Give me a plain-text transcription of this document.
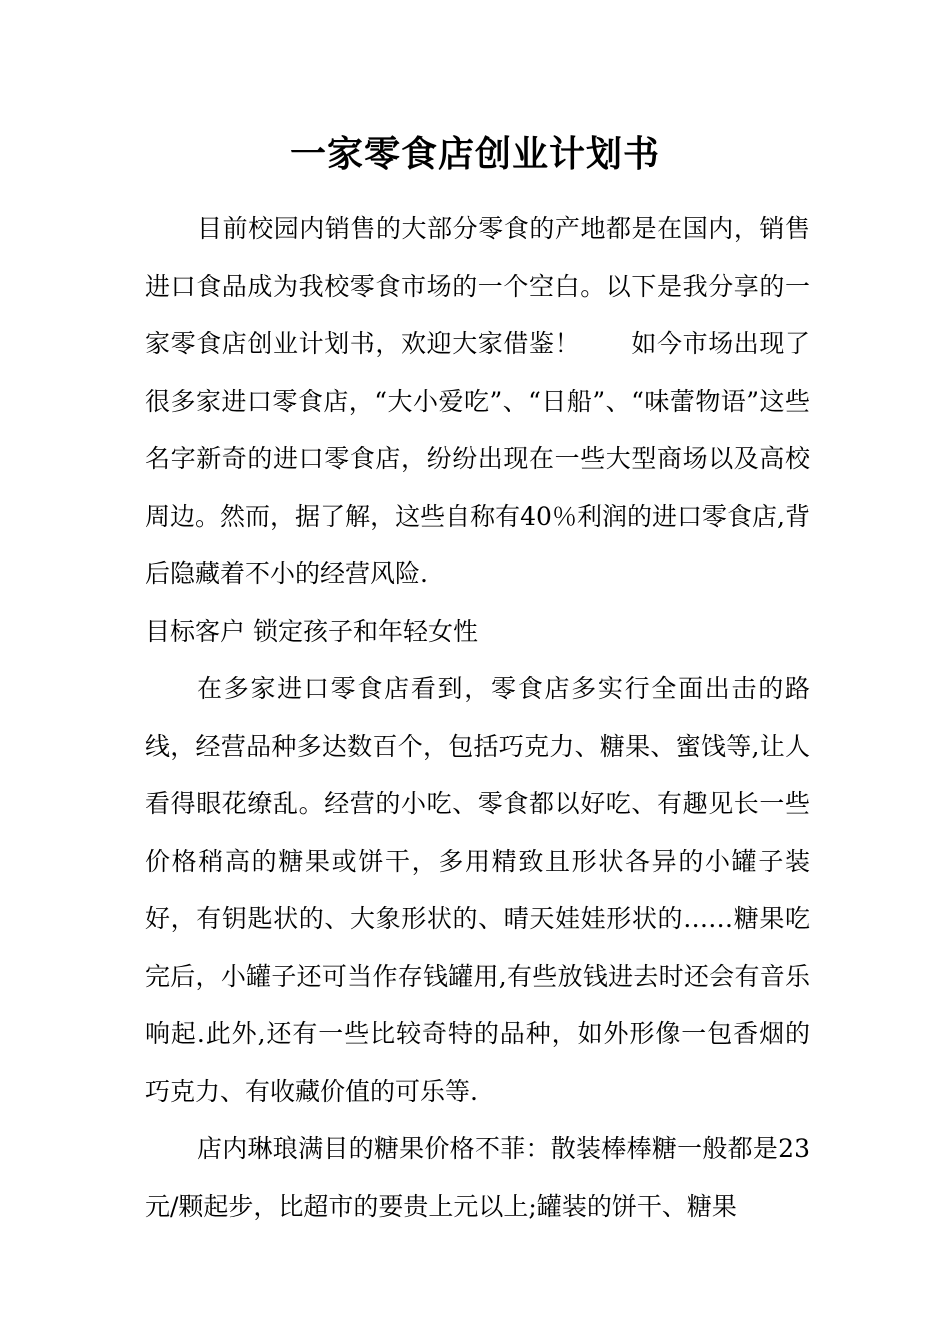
一家零食店创业计划书

目前校园内销售的大部分零食的产地都是在国内，销售进口食品成为我校零食市场的一个空白。以下是我分享的一家零食店创业计划书，欢迎大家借鉴！　　如今市场出现了很多家进口零食店，“大小爱吃”、“日船”、“味蕾物语”这些名字新奇的进口零食店，纷纷出现在一些大型商场以及高校周边。然而，据了解，这些自称有40％利润的进口零食店,背后隐藏着不小的经营风险.

目标客户 锁定孩子和年轻女性

在多家进口零食店看到，零食店多实行全面出击的路线，经营品种多达数百个，包括巧克力、糖果、蜜饯等,让人看得眼花缭乱。经营的小吃、零食都以好吃、有趣见长一些价格稍高的糖果或饼干，多用精致且形状各异的小罐子装好，有钥匙状的、大象形状的、晴天娃娃形状的……糖果吃完后，小罐子还可当作存钱罐用,有些放钱进去时还会有音乐响起.此外,还有一些比较奇特的品种，如外形像一包香烟的巧克力、有收藏价值的可乐等.

店内琳琅满目的糖果价格不菲：散装棒棒糖一般都是23元/颗起步，比超市的要贵上元以上;罐装的饼干、糖果
